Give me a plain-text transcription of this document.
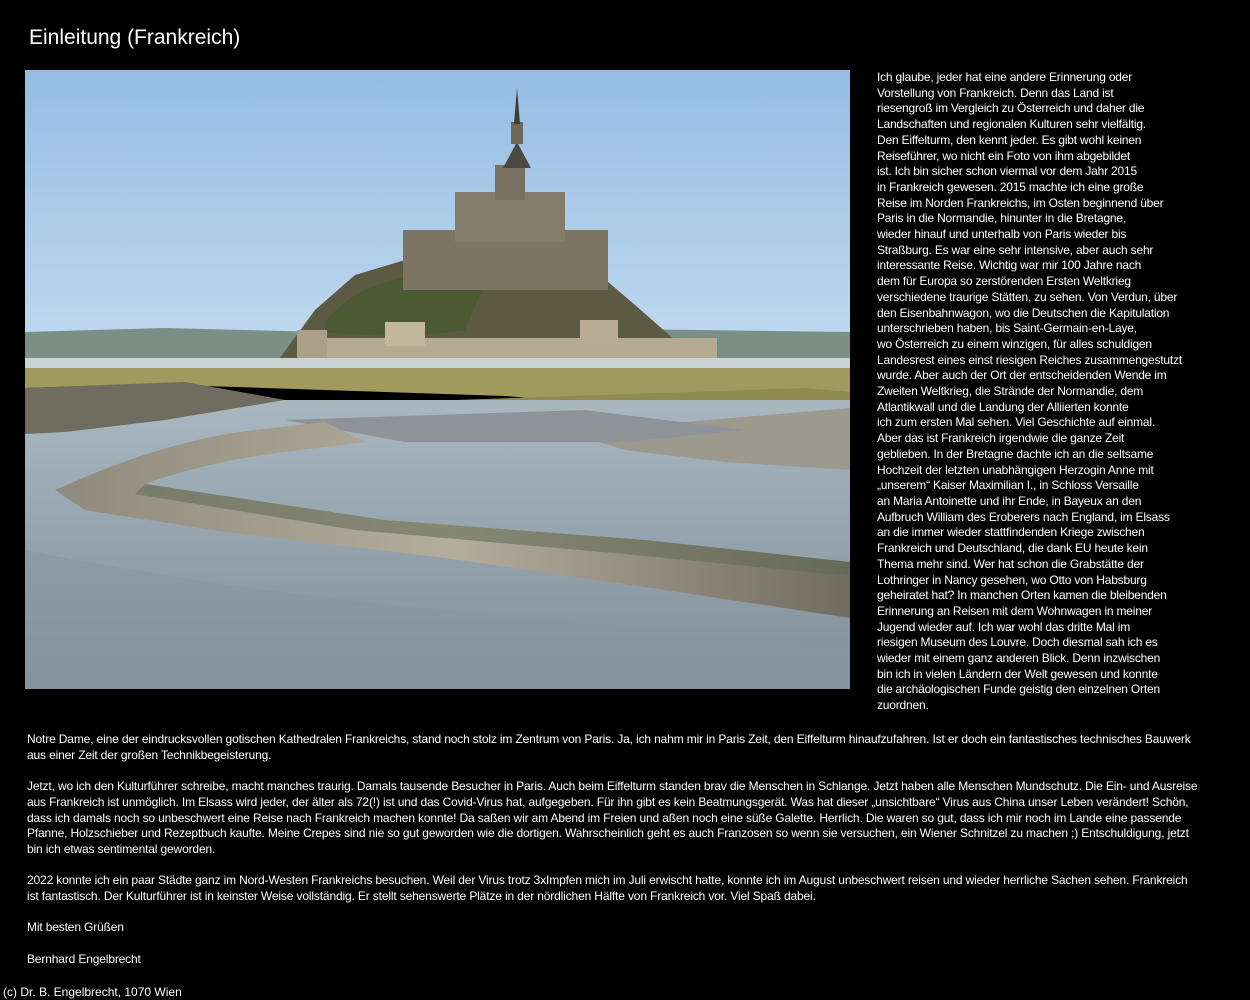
Einleitung (Frankreich)
Ich glaube, jeder hat eine andere Erinnerung oder
Vorstellung von Frankreich. Denn das Land ist
riesengroß im Vergleich zu Österreich und daher die
Landschaften und regionalen Kulturen sehr vielfältig.
Den Eiffelturm, den kennt jeder. Es gibt wohl keinen
Reiseführer, wo nicht ein Foto von ihm abgebildet
ist. Ich bin sicher schon viermal vor dem Jahr 2015
in Frankreich gewesen. 2015 machte ich eine große
Reise im Norden Frankreichs, im Osten beginnend über
Paris in die Normandie, hinunter in die Bretagne,
wieder hinauf und unterhalb von Paris wieder bis
Straßburg. Es war eine sehr intensive, aber auch sehr
interessante Reise. Wichtig war mir 100 Jahre nach
dem für Europa so zerstörenden Ersten Weltkrieg
verschiedene traurige Stätten, zu sehen. Von Verdun, über
den Eisenbahnwagon, wo die Deutschen die Kapitulation
unterschrieben haben, bis Saint-Germain-en-Laye,
wo Österreich zu einem winzigen, für alles schuldigen
Landesrest eines einst riesigen Reiches zusammengestutzt
wurde. Aber auch der Ort der entscheidenden Wende im
Zweiten Weltkrieg, die Strände der Normandie, dem
Atlantikwall und die Landung der Alliierten konnte
ich zum ersten Mal sehen. Viel Geschichte auf einmal.
Aber das ist Frankreich irgendwie die ganze Zeit
geblieben. In der Bretagne dachte ich an die seltsame
Hochzeit der letzten unabhängigen Herzogin Anne mit
„unserem“ Kaiser Maximilian I., in Schloss Versaille
an Maria Antoinette und ihr Ende, in Bayeux an den
Aufbruch William des Eroberers nach England, im Elsass
an die immer wieder stattfindenden Kriege zwischen
Frankreich und Deutschland, die dank EU heute kein
Thema mehr sind. Wer hat schon die Grabstätte der
Lothringer in Nancy gesehen, wo Otto von Habsburg
geheiratet hat? In manchen Orten kamen die bleibenden
Erinnerung an Reisen mit dem Wohnwagen in meiner
Jugend wieder auf. Ich war wohl das dritte Mal im
riesigen Museum des Louvre. Doch diesmal sah ich es
wieder mit einem ganz anderen Blick. Denn inzwischen
bin ich in vielen Ländern der Welt gewesen und konnte
die archäologischen Funde geistig den einzelnen Orten
zuordnen.

Notre Dame, eine der eindrucksvollen gotischen Kathedralen Frankreichs, stand noch stolz im Zentrum von Paris. Ja, ich nahm mir in Paris Zeit, den Eiffelturm hinaufzufahren. Ist er doch ein fantastisches technisches Bauwerk aus einer Zeit der großen Technikbegeisterung.

Jetzt, wo ich den Kulturführer schreibe, macht manches traurig. Damals tausende Besucher in Paris. Auch beim Eiffelturm standen brav die Menschen in Schlange. Jetzt haben alle Menschen Mundschutz. Die Ein- und Ausreise aus Frankreich ist unmöglich. Im Elsass wird jeder, der älter als 72(!) ist und das Covid-Virus hat, aufgegeben. Für ihn gibt es kein Beatmungsgerät. Was hat dieser „unsichtbare“ Virus aus China unser Leben verändert! Schön, dass ich damals noch so unbeschwert eine Reise nach Frankreich machen konnte! Da saßen wir am Abend im Freien und aßen noch eine süße Galette. Herrlich. Die waren so gut, dass ich mir noch im Lande eine passende Pfanne, Holzschieber und Rezeptbuch kaufte. Meine Crepes sind nie so gut geworden wie die dortigen. Wahrscheinlich geht es auch Franzosen so wenn sie versuchen, ein Wiener Schnitzel zu machen ;) Entschuldigung, jetzt bin ich etwas sentimental geworden.

2022 konnte ich ein paar Städte ganz im Nord-Westen Frankreichs besuchen. Weil der Virus trotz 3xImpfen mich im Juli erwischt hatte, konnte ich im August unbeschwert reisen und wieder herrliche Sachen sehen. Frankreich ist fantastisch. Der Kulturführer ist in keinster Weise vollständig. Er stellt sehenswerte Plätze in der nördlichen Hälfte von Frankreich vor. Viel Spaß dabei.

Mit besten Grüßen

Bernhard Engelbrecht

(c) Dr. B. Engelbrecht, 1070 Wien
